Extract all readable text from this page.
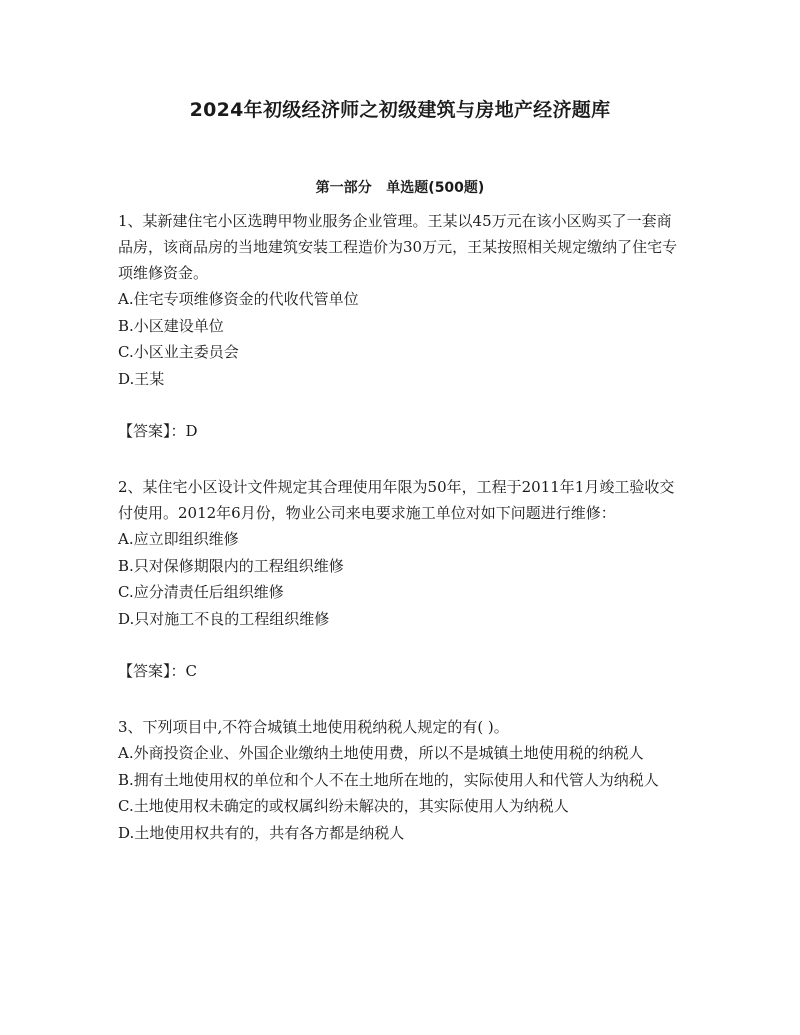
2024年初级经济师之初级建筑与房地产经济题库
第一部分   单选题(500题)

1、某新建住宅小区选聘甲物业服务企业管理。王某以45万元在该小区购买了一套商品房，该商品房的当地建筑安装工程造价为30万元，王某按照相关规定缴纳了住宅专项维修资金。

A.住宅专项维修资金的代收代管单位

B.小区建设单位

C.小区业主委员会

D.王某

【答案】：D

2、某住宅小区设计文件规定其合理使用年限为50年，工程于2011年1月竣工验收交付使用。2012年6月份，物业公司来电要求施工单位对如下问题进行维修：

A.应立即组织维修

B.只对保修期限内的工程组织维修

C.应分清责任后组织维修

D.只对施工不良的工程组织维修

【答案】：C

3、下列项目中,不符合城镇土地使用税纳税人规定的有( )。

A.外商投资企业、外国企业缴纳土地使用费，所以不是城镇土地使用税的纳税人

B.拥有土地使用权的单位和个人不在土地所在地的，实际使用人和代管人为纳税人

C.土地使用权未确定的或权属纠纷未解决的，其实际使用人为纳税人

D.土地使用权共有的，共有各方都是纳税人
